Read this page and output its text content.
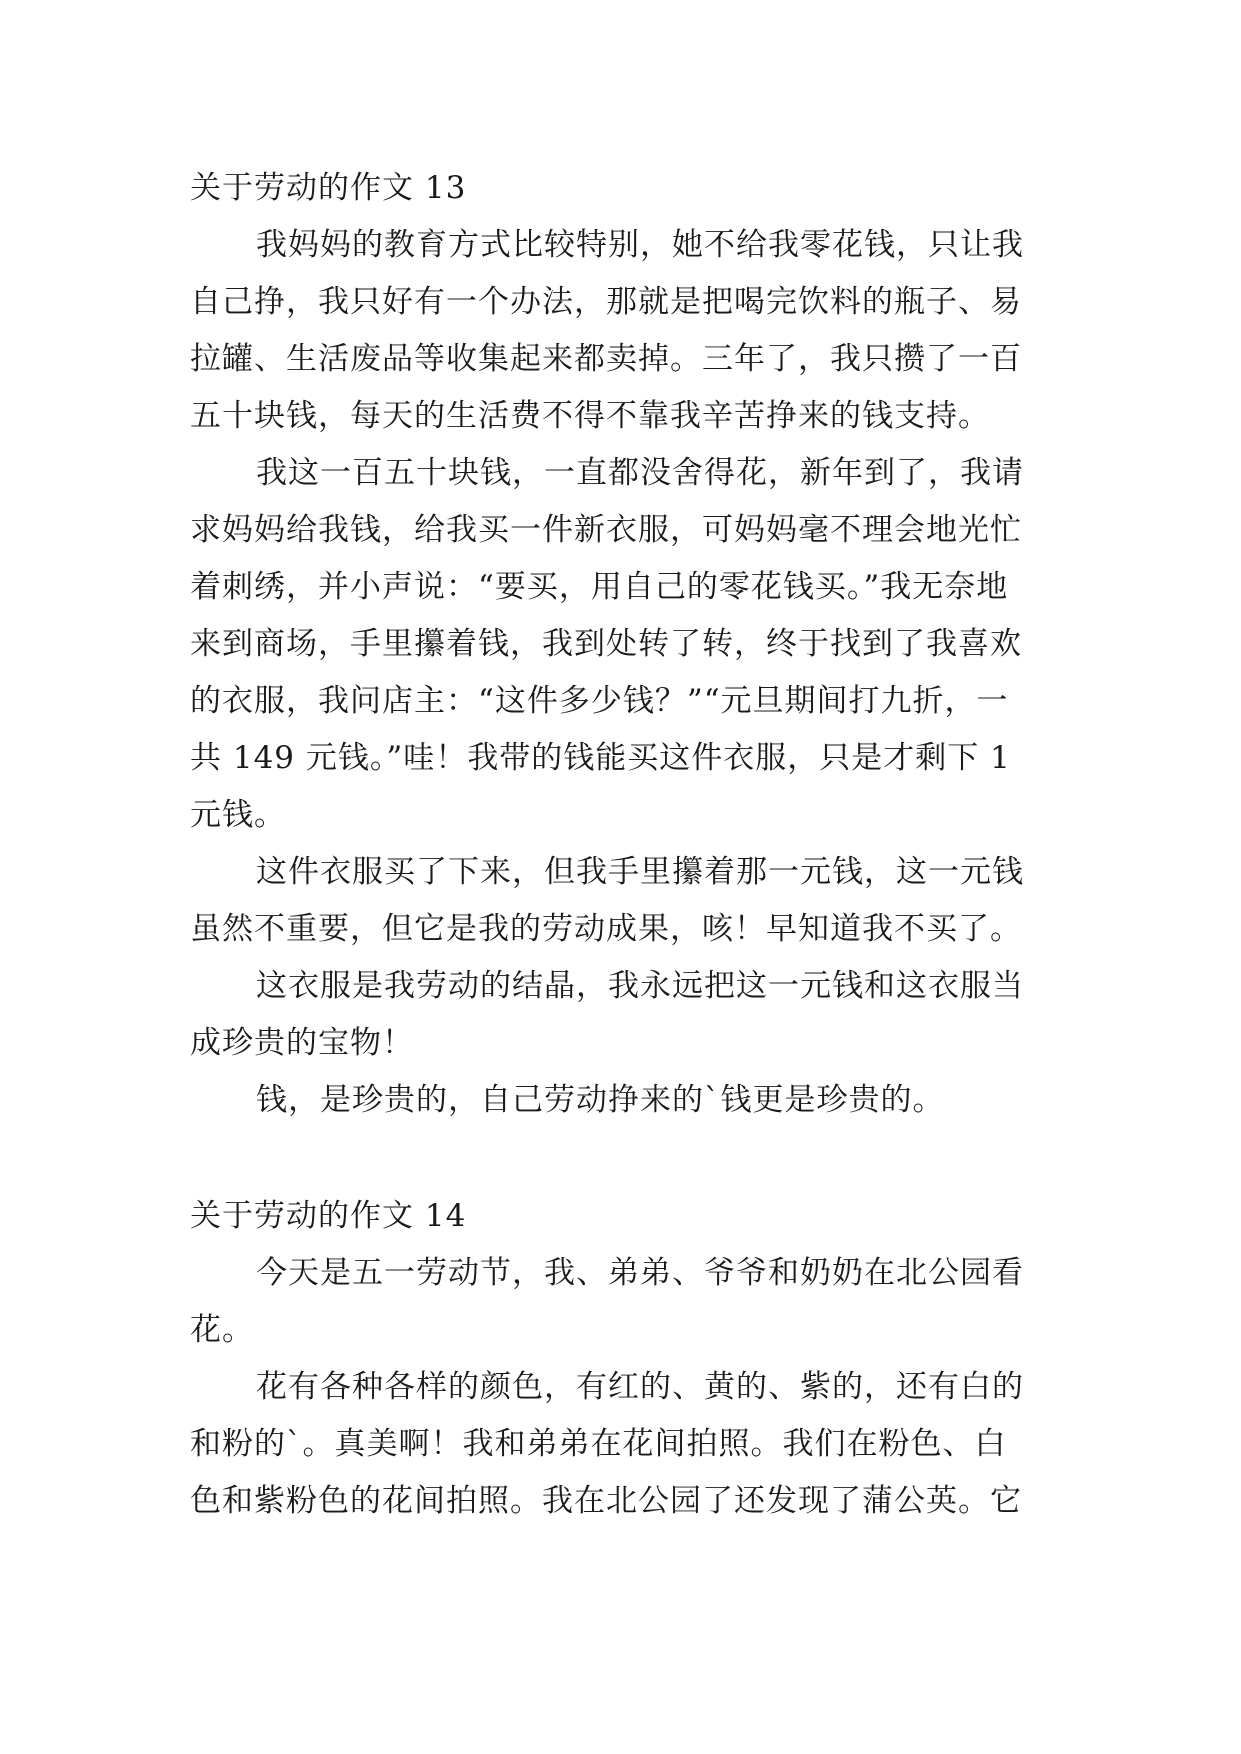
关于劳动的作文 13
我妈妈的教育方式比较特别，她不给我零花钱，只让我
自己挣，我只好有一个办法，那就是把喝完饮料的瓶子、易
拉罐、生活废品等收集起来都卖掉。三年了，我只攒了一百
五十块钱，每天的生活费不得不靠我辛苦挣来的钱支持。
我这一百五十块钱，一直都没舍得花，新年到了，我请
求妈妈给我钱，给我买一件新衣服，可妈妈毫不理会地光忙
着刺绣，并小声说：“要买，用自己的零花钱买。”我无奈地
来到商场，手里攥着钱，我到处转了转，终于找到了我喜欢
的衣服，我问店主：“这件多少钱？”“元旦期间打九折，一
共 149 元钱。”哇！我带的钱能买这件衣服，只是才剩下 1
元钱。
这件衣服买了下来，但我手里攥着那一元钱，这一元钱
虽然不重要，但它是我的劳动成果，咳！早知道我不买了。
这衣服是我劳动的结晶，我永远把这一元钱和这衣服当
成珍贵的宝物！
钱，是珍贵的，自己劳动挣来的`钱更是珍贵的。
关于劳动的作文 14
今天是五一劳动节，我、弟弟、爷爷和奶奶在北公园看
花。
花有各种各样的颜色，有红的、黄的、紫的，还有白的
和粉的`。真美啊！我和弟弟在花间拍照。我们在粉色、白
色和紫粉色的花间拍照。我在北公园了还发现了蒲公英。它
